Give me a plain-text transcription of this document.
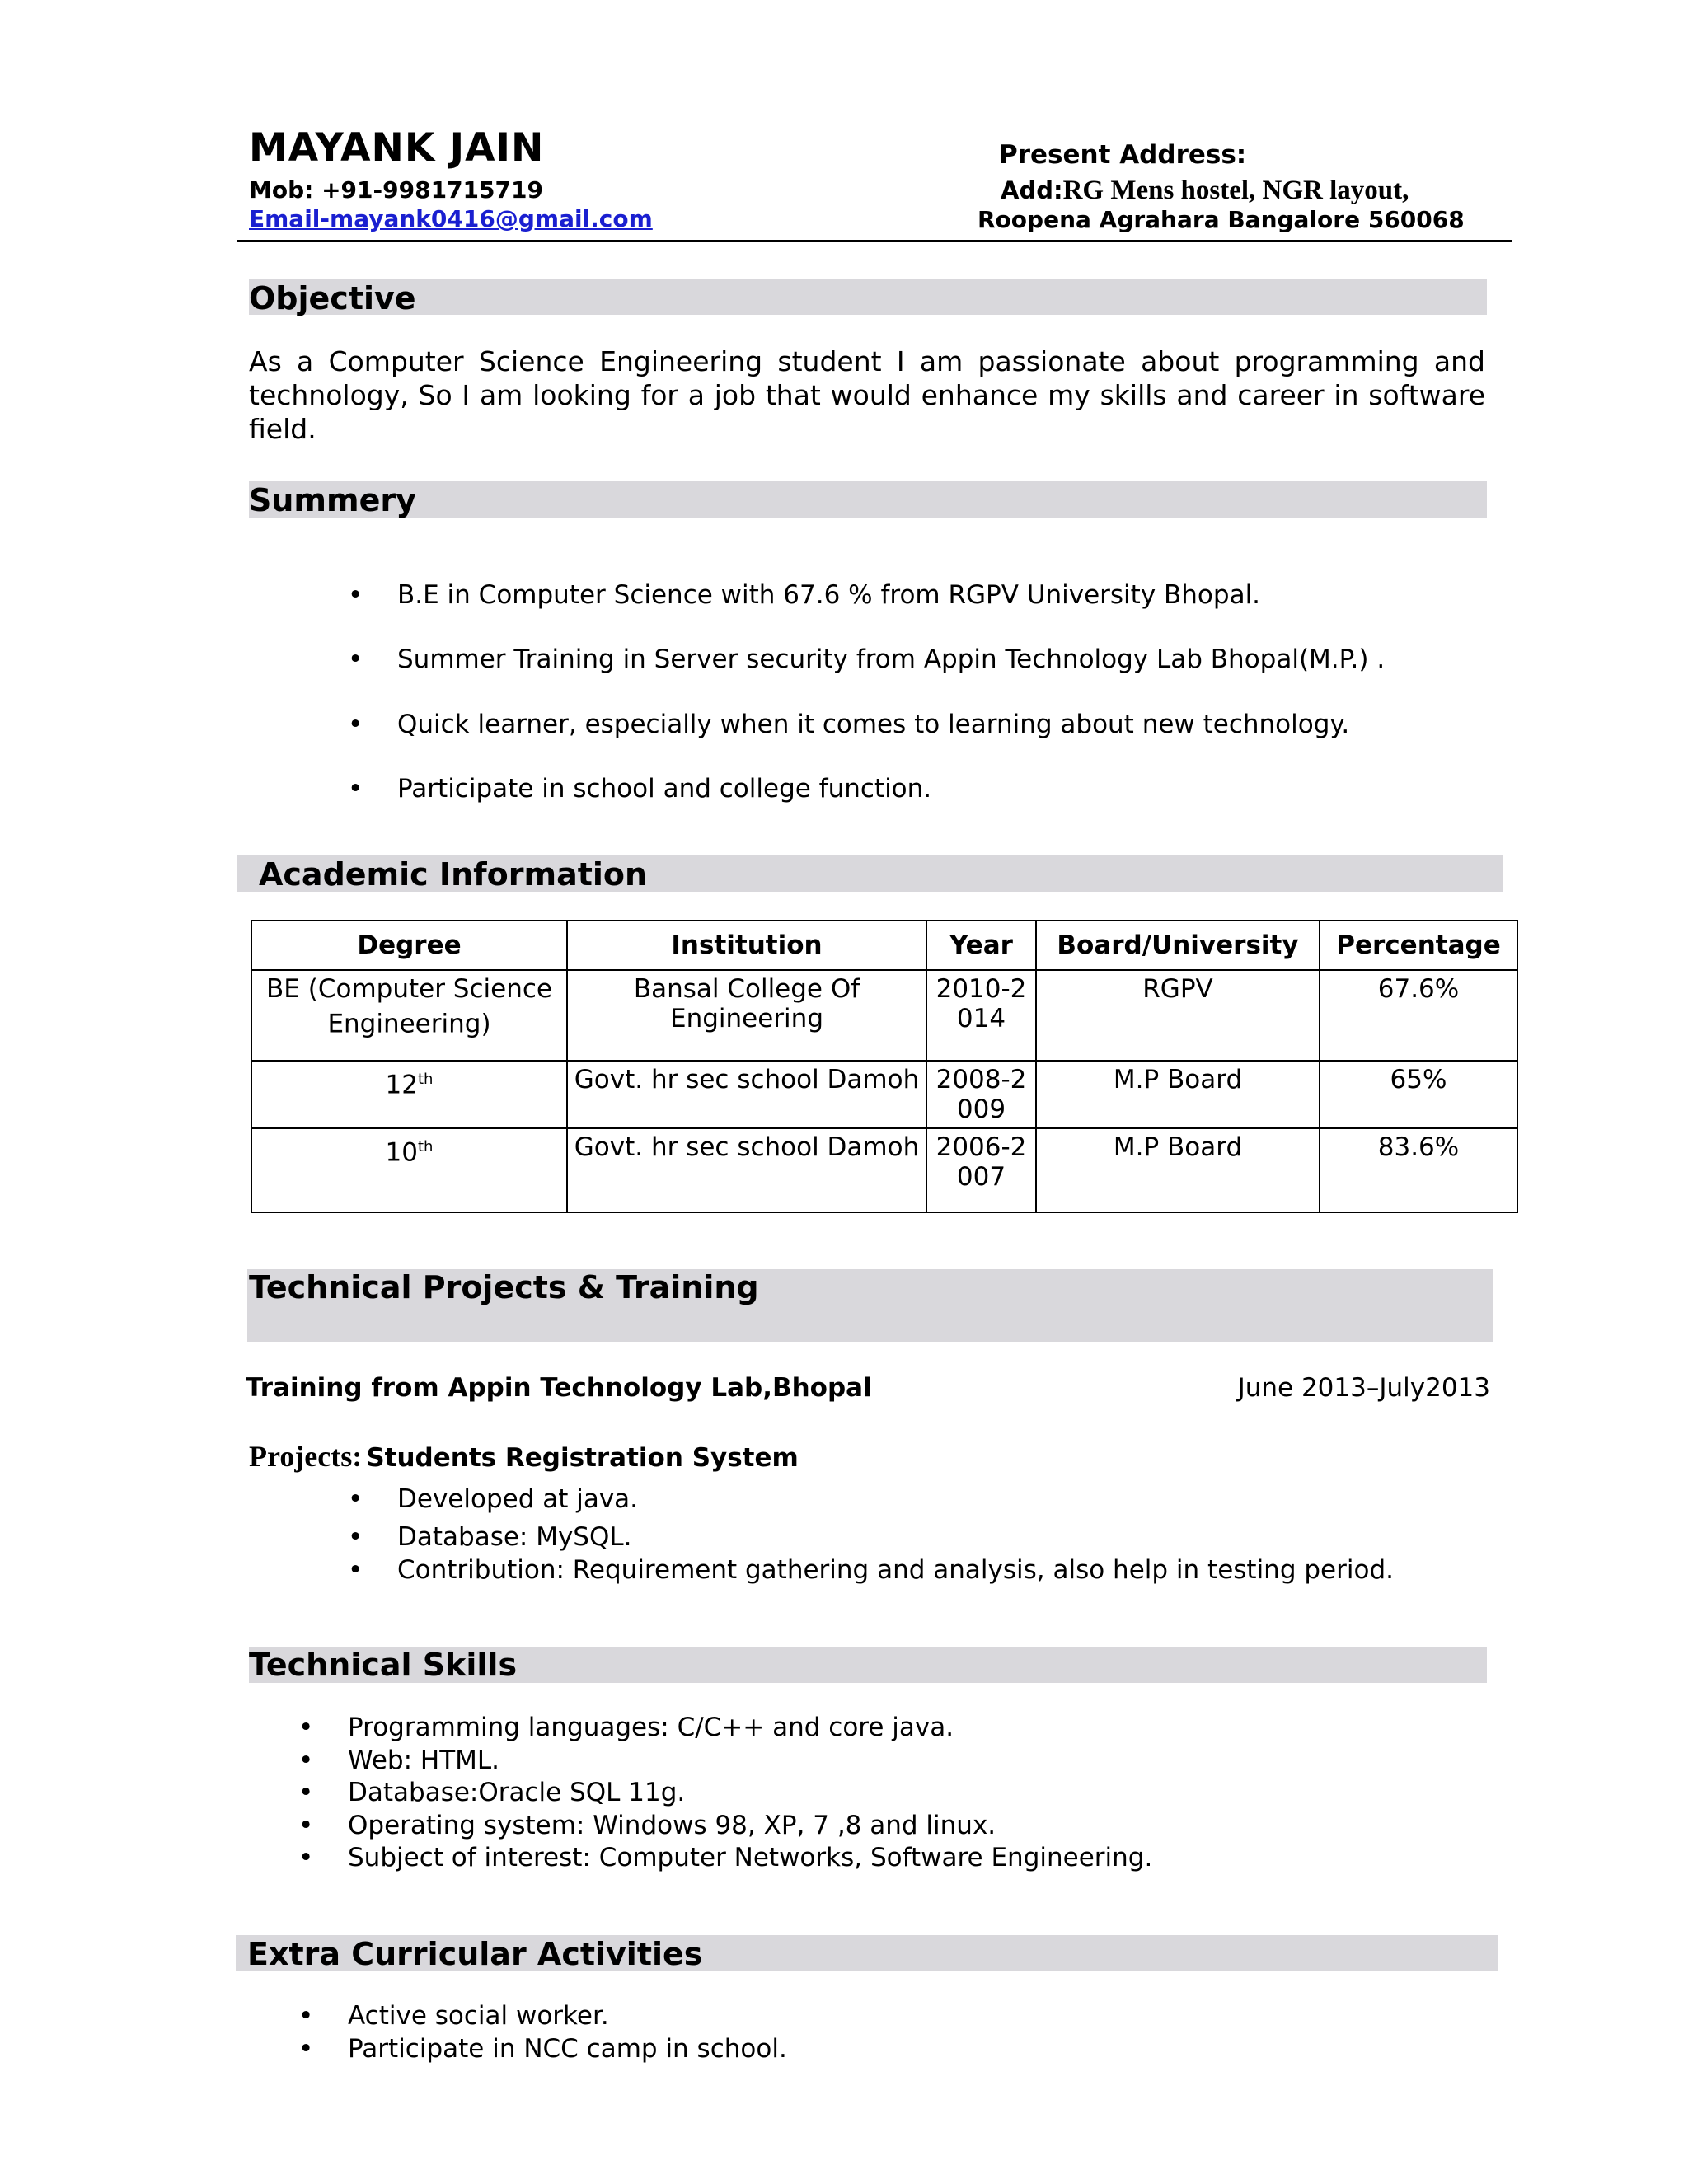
MAYANK JAIN
Mob: +91-9981715719
Email-mayank0416@gmail.com
Present Address:
Add:RG Mens hostel, NGR layout,
Roopena Agrahara Bangalore 560068
Objective
As a Computer Science Engineering student I am passionate about programming and technology, So I am looking for a job that would enhance my skills and career in software field.
Summery
• B.E in Computer Science with 67.6 % from RGPV University Bhopal.
• Summer Training in Server security from Appin Technology Lab Bhopal(M.P.) .
• Quick learner, especially when it comes to learning about new technology.
• Participate in school and college function.
Academic Information
Degree	Institution	Year	Board/University	Percentage
BE (Computer Science Engineering)	Bansal College Of Engineering	2010-2014	RGPV	67.6%
12th	Govt. hr sec school Damoh	2008-2009	M.P Board	65%
10th	Govt. hr sec school Damoh	2006-2007	M.P Board	83.6%
Technical Projects & Training
Training from Appin Technology Lab,Bhopal	June 2013–July2013
Projects: Students Registration System
• Developed at java.
• Database: MySQL.
• Contribution: Requirement gathering and analysis, also help in testing period.
Technical Skills
• Programming languages: C/C++ and core java.
• Web: HTML.
• Database:Oracle SQL 11g.
• Operating system: Windows 98, XP, 7 ,8 and linux.
• Subject of interest: Computer Networks, Software Engineering.
Extra Curricular Activities
• Active social worker.
• Participate in NCC camp in school.
